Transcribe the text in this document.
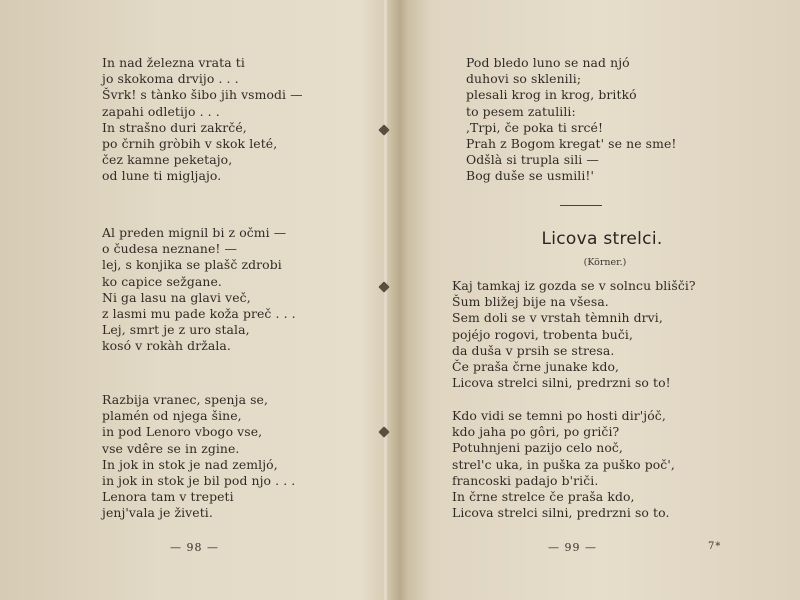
In nad železna vrata ti
jo skokoma drvijo . . .
Švrk! s tànko šibo jih vsmodi —
zapahi odletijo . . .
In strašno duri zakrčé,
po črnih gròbih v skok leté,
čez kamne peketajo,
od lune ti migljajo.
Al preden mignil bi z očmi —
o čudesa neznane! —
lej, s konjika se plašč zdrobi
ko capice sežgane.
Ni ga lasu na glavi več,
z lasmi mu pade koža preč . . .
Lej, smrt je z uro stala,
kosó v rokàh držala.
Razbija vranec, spenja se,
plamén od njega šine,
in pod Lenoro vbogo vse,
vse vdêre se in zgine.
In jok in stok je nad zemljó,
in jok in stok je bil pod njo . . .
Lenora tam v trepeti
jenj'vala je živeti.
— 98 —
Pod bledo luno se nad njó
duhovi so sklenili;
plesali krog in krog, britkó
to pesem zatulili:
,Trpi, če poka ti srcé!
Prah z Bogom kregat' se ne sme!
Odšlà si trupla sili —
Bog duše se usmili!'
Licova strelci.
(Körner.)
Kaj tamkaj iz gozda se v solncu blišči?
Šum bližej bije na všesa.
Sem doli se v vrstah tèmnih drvi,
pojéjo rogovi, trobenta buči,
da duša v prsih se stresa.
Če praša črne junake kdo,
Licova strelci silni, predrzni so to!
Kdo vidi se temni po hosti dir'jóč,
kdo jaha po gôri, po griči?
Potuhnjeni pazijo celo noč,
strel'c uka, in puška za puško poč',
francoski padajo b'riči.
In črne strelce če praša kdo,
Licova strelci silni, predrzni so to.
— 99 —	7*
